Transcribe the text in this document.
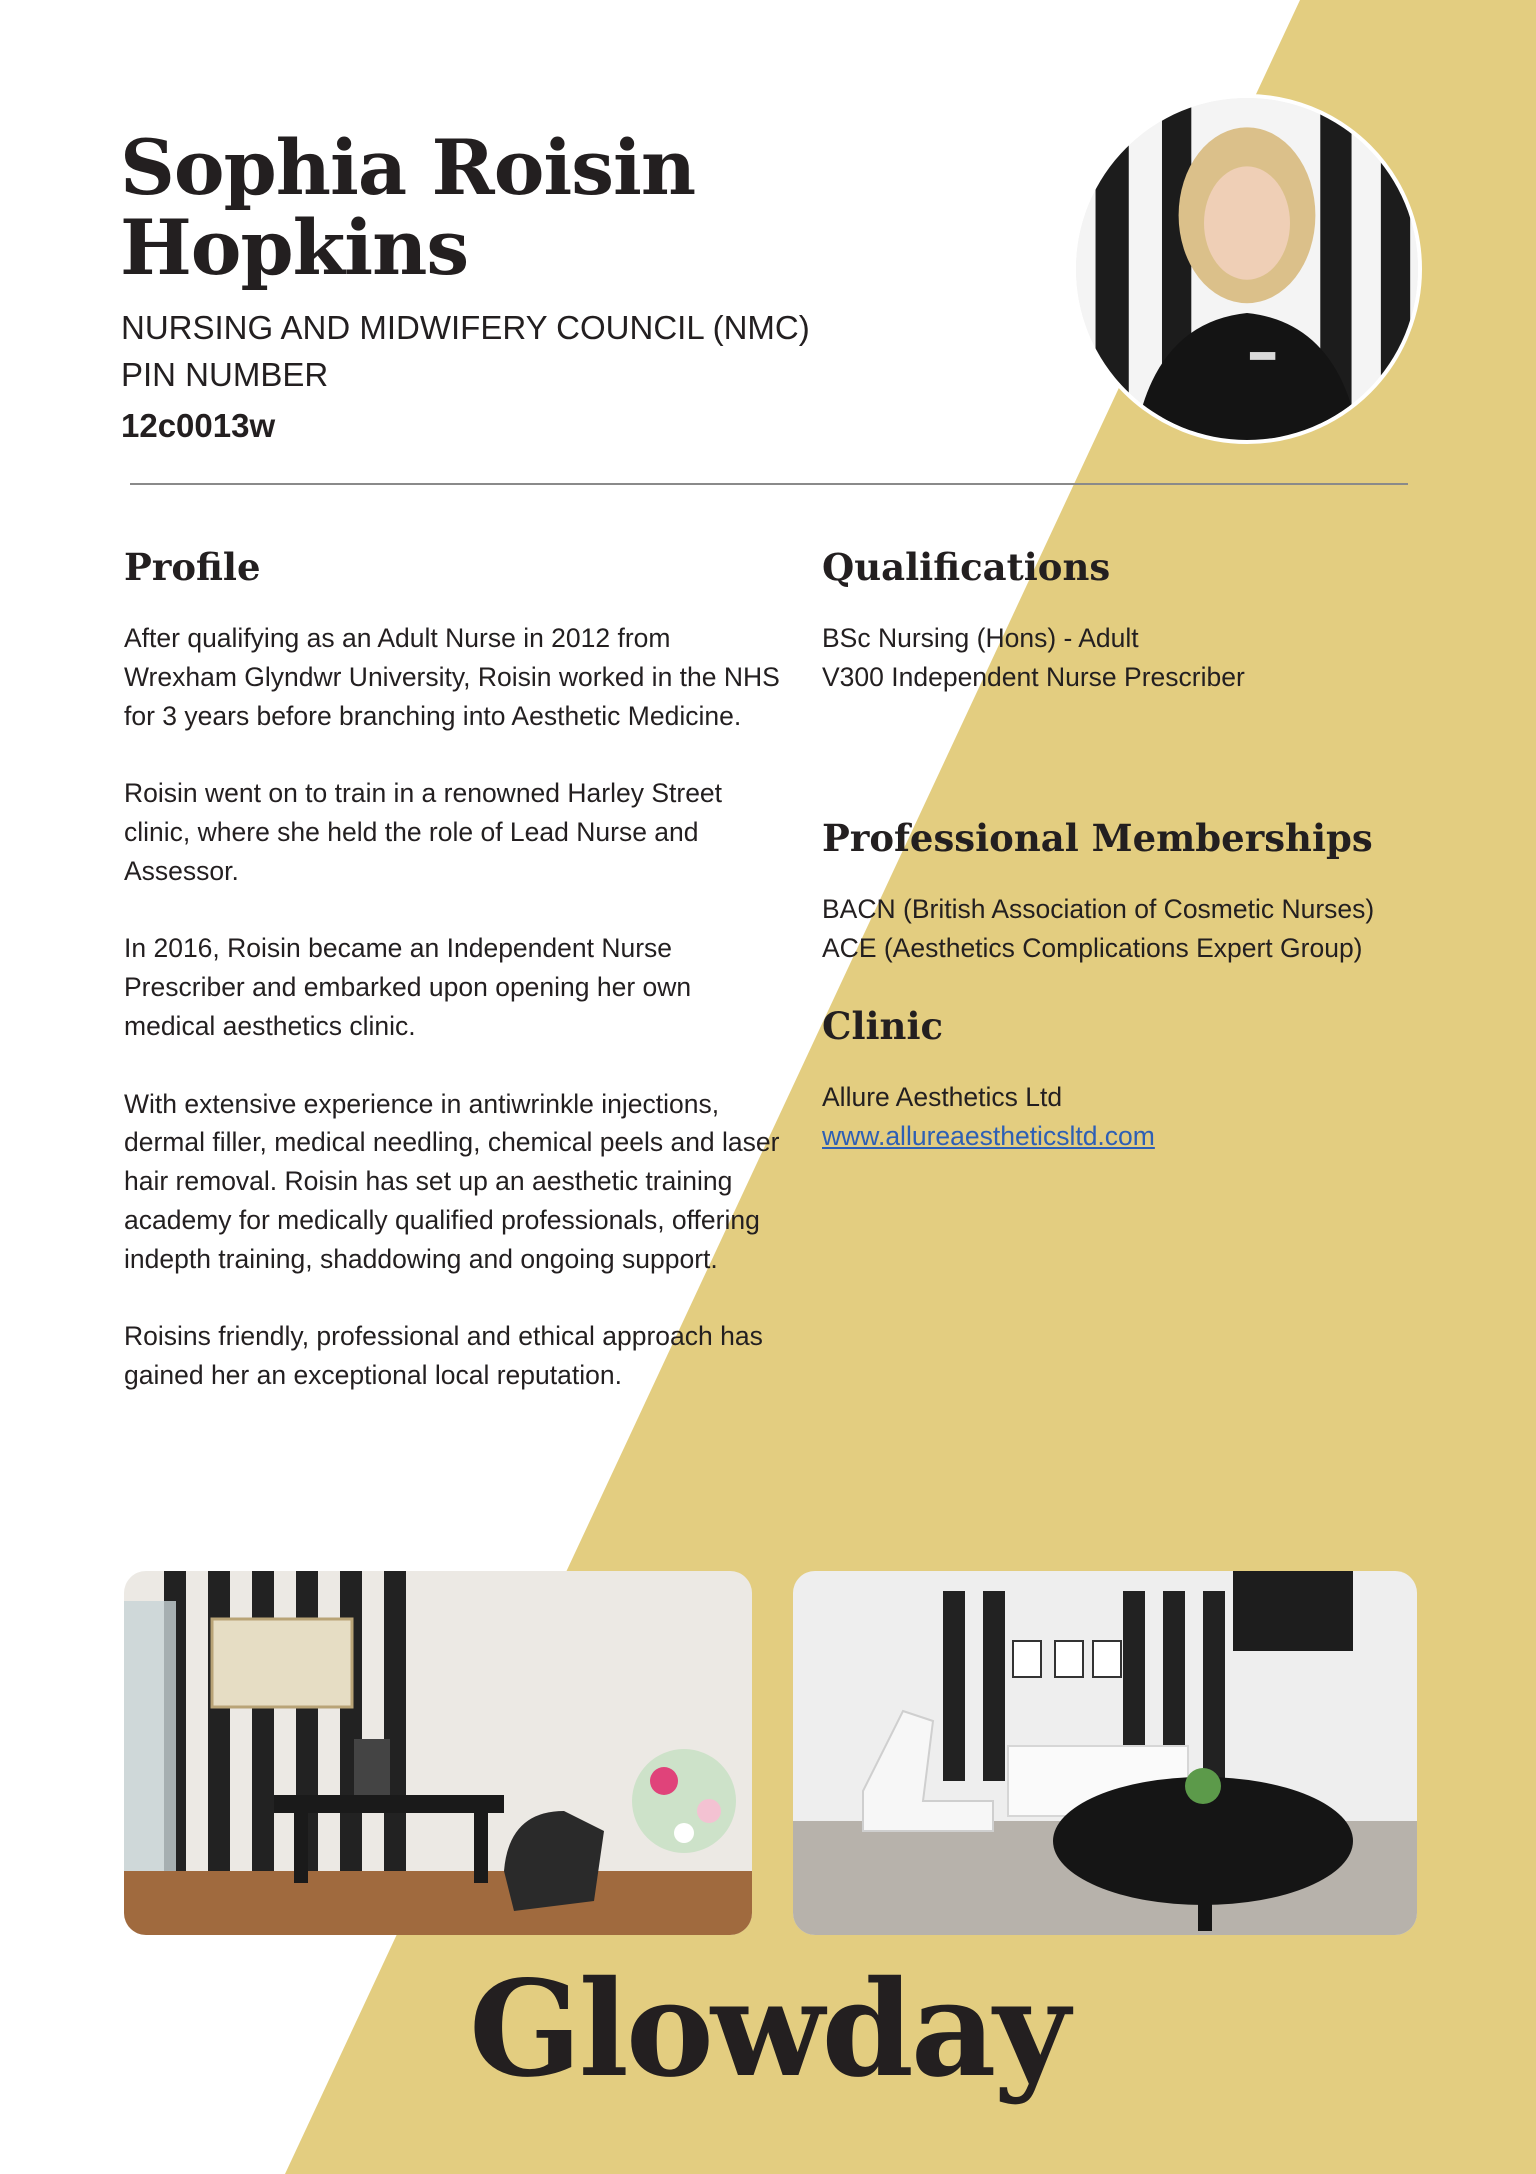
Sophia Roisin Hopkins
NURSING AND MIDWIFERY COUNCIL (NMC)
PIN NUMBER
12c0013w
Profile

After qualifying as an Adult Nurse in 2012 from Wrexham Glyndwr University, Roisin worked in the NHS for 3 years before branching into Aesthetic Medicine.

Roisin went on to train in a renowned Harley Street clinic, where she held the role of Lead Nurse and Assessor.

In 2016, Roisin became an Independent Nurse Prescriber and embarked upon opening her own medical aesthetics clinic.

With extensive experience in antiwrinkle injections, dermal filler, medical needling, chemical peels and laser hair removal. Roisin has set up an aesthetic training academy for medically qualified professionals, offering indepth training, shaddowing and ongoing support.

Roisins friendly, professional and ethical approach has gained her an exceptional local reputation.

Qualifications
BSc Nursing (Hons) - Adult
V300 Independent Nurse Prescriber
Professional Memberships
BACN (British Association of Cosmetic Nurses)
ACE (Aesthetics Complications Expert Group)
Clinic
Allure Aesthetics Ltd
www.allureaestheticsltd.com
Glowday
